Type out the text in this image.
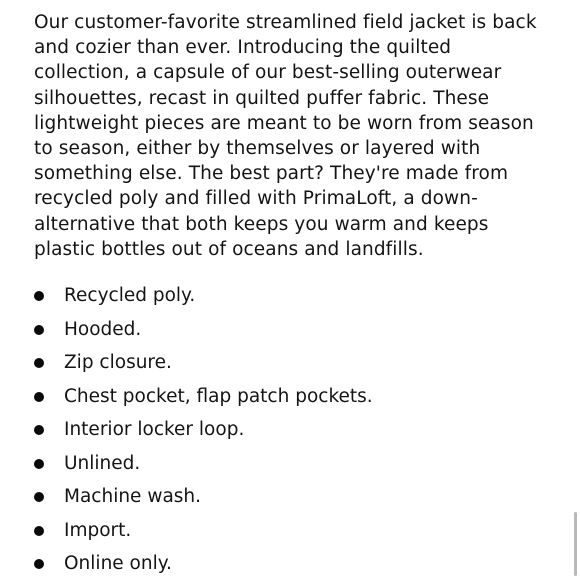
Our customer-favorite streamlined field jacket is back
and cozier than ever. Introducing the quilted
collection, a capsule of our best-selling outerwear
silhouettes, recast in quilted puffer fabric. These
lightweight pieces are meant to be worn from season
to season, either by themselves or layered with
something else. The best part? They're made from
recycled poly and filled with PrimaLoft, a down-
alternative that both keeps you warm and keeps
plastic bottles out of oceans and landfills.

Recycled poly.
Hooded.
Zip closure.
Chest pocket, flap patch pockets.
Interior locker loop.
Unlined.
Machine wash.
Import.
Online only.
